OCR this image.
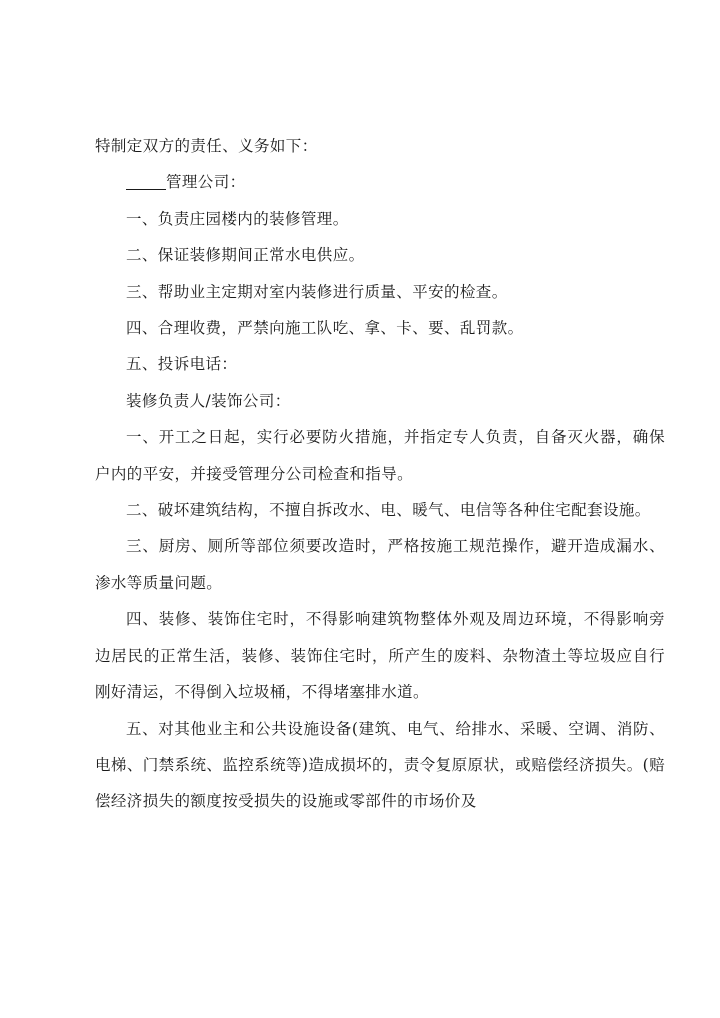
特制定双方的责任、义务如下：

管理公司：

一、负责庄园楼内的装修管理。

二、保证装修期间正常水电供应。

三、帮助业主定期对室内装修进行质量、平安的检查。

四、合理收费，严禁向施工队吃、拿、卡、要、乱罚款。

五、投诉电话：

装修负责人/装饰公司：

一、开工之日起，实行必要防火措施，并指定专人负责，自备灭火器，确保户内的平安，并接受管理分公司检查和指导。

二、破坏建筑结构，不擅自拆改水、电、暖气、电信等各种住宅配套设施。

三、厨房、厕所等部位须要改造时，严格按施工规范操作，避开造成漏水、渗水等质量问题。

四、装修、装饰住宅时，不得影响建筑物整体外观及周边环境，不得影响旁边居民的正常生活，装修、装饰住宅时，所产生的废料、杂物渣土等垃圾应自行刚好清运，不得倒入垃圾桶，不得堵塞排水道。

五、对其他业主和公共设施设备(建筑、电气、给排水、采暖、空调、消防、电梯、门禁系统、监控系统等)造成损坏的，责令复原原状，或赔偿经济损失。(赔偿经济损失的额度按受损失的设施或零部件的市场价及
